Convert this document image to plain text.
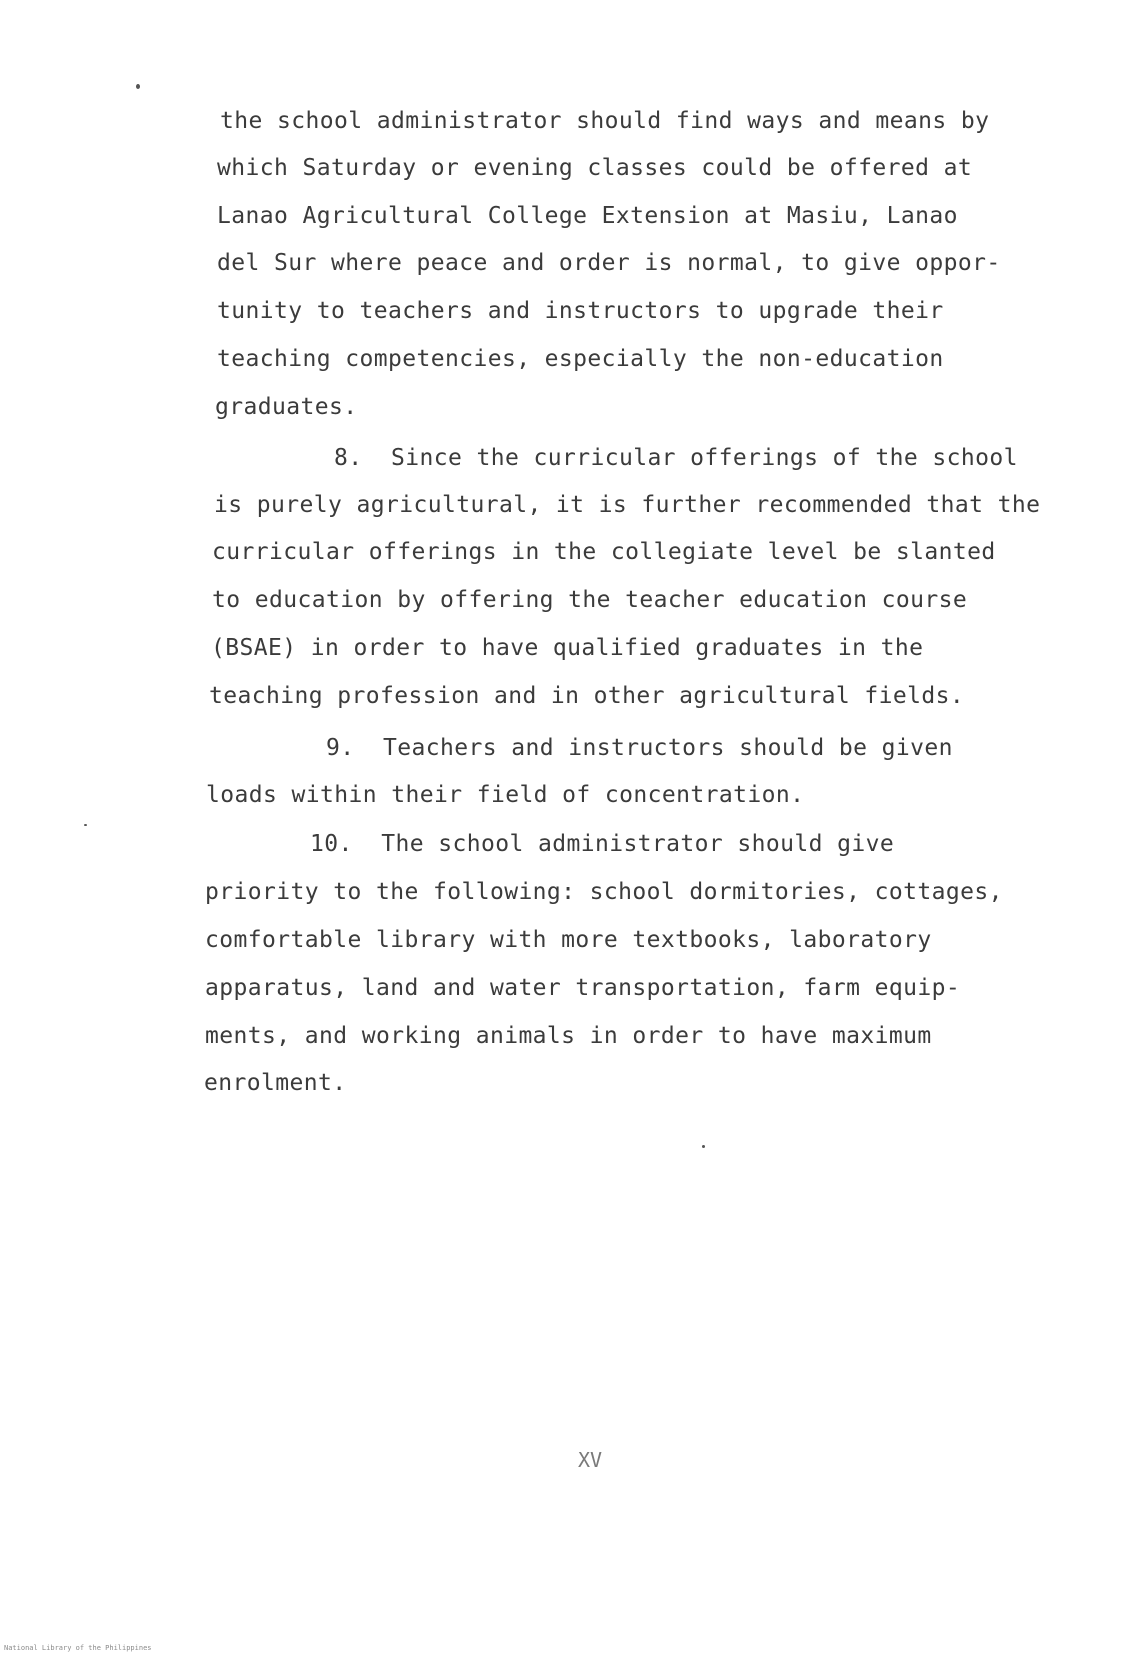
the school administrator should find ways and means by
which Saturday or evening classes could be offered at
Lanao Agricultural College Extension at Masiu, Lanao
del Sur where peace and order is normal, to give oppor-
tunity to teachers and instructors to upgrade their
teaching competencies, especially the non-education
graduates.
8.  Since the curricular offerings of the school
is purely agricultural, it is further recommended that the
curricular offerings in the collegiate level be slanted
to education by offering the teacher education course
(BSAE) in order to have qualified graduates in the
teaching profession and in other agricultural fields.
9.  Teachers and instructors should be given
loads within their field of concentration.
10.  The school administrator should give
priority to the following: school dormitories, cottages,
comfortable library with more textbooks, laboratory
apparatus, land and water transportation, farm equip-
ments, and working animals in order to have maximum
enrolment.
XV
National Library of the Philippines
